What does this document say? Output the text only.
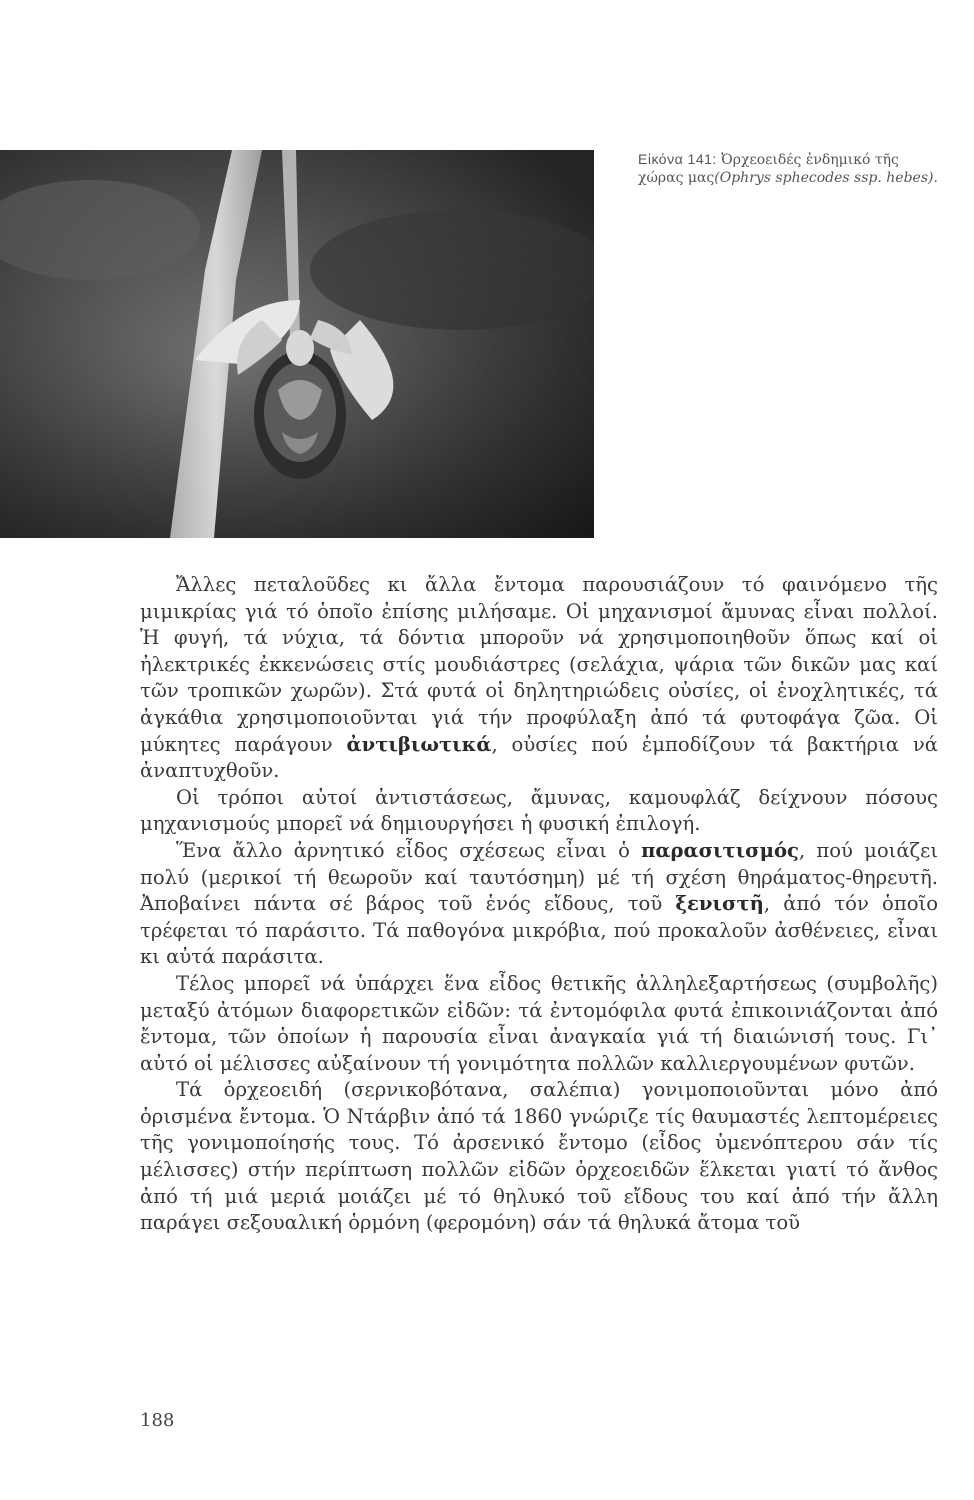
Εἰκόνα 141: Ὀρχεοειδές ἐνδημικό τῆς χώρας μας(Ophrys sphecodes ssp. hebes).

Ἄλλες πεταλοῦδες κι ἄλλα ἔντομα παρουσιάζουν τό φαινόμενο τῆς μιμικρίας γιά τό ὁποῖο ἐπίσης μιλήσαμε. Οἱ μηχανισμοί ἄμυνας εἶναι πολλοί. Ἡ φυγή, τά νύχια, τά δόντια μποροῦν νά χρησιμοποιηθοῦν ὅπως καί οἱ ἠλεκτρικές ἐκκενώσεις στίς μουδιάστρες (σελάχια, ψάρια τῶν δικῶν μας καί τῶν τροπικῶν χωρῶν). Στά φυτά οἱ δηλητηριώδεις οὐσίες, οἱ ἐνοχλητικές, τά ἀγκάθια χρησιμοποιοῦνται γιά τήν προφύλαξη ἀπό τά φυτοφάγα ζῶα. Οἱ μύκητες παράγουν ἀντιβιωτικά, οὐσίες πού ἐμποδίζουν τά βακτήρια νά ἀναπτυχθοῦν.

Οἱ τρόποι αὐτοί ἀντιστάσεως, ἄμυνας, καμουφλάζ δείχνουν πόσους μηχανισμούς μπορεῖ νά δημιουργήσει ἡ φυσική ἐπιλογή.

Ἕνα ἄλλο ἀρνητικό εἶδος σχέσεως εἶναι ὁ παρασιτισμός, πού μοιάζει πολύ (μερικοί τή θεωροῦν καί ταυτόσημη) μέ τή σχέση θηράματος-θηρευτῆ. Ἀποβαίνει πάντα σέ βάρος τοῦ ἑνός εἴδους, τοῦ ξενιστῆ, ἀπό τόν ὁποῖο τρέφεται τό παράσιτο. Τά παθογόνα μικρόβια, πού προκαλοῦν ἀσθένειες, εἶναι κι αὐτά παράσιτα.

Τέλος μπορεῖ νά ὑπάρχει ἕνα εἶδος θετικῆς ἀλληλεξαρτήσεως (συμβολῆς) μεταξύ ἀτόμων διαφορετικῶν εἰδῶν: τά ἐντομόφιλα φυτά ἐπικοινιάζονται ἀπό ἔντομα, τῶν ὁποίων ἡ παρουσία εἶναι ἀναγκαία γιά τή διαιώνισή τους. Γι᾽ αὐτό οἱ μέλισσες αὐξαίνουν τή γονιμότητα πολλῶν καλλιεργουμένων φυτῶν.

Τά ὀρχεοειδή (σερνικοβότανα, σαλέπια) γονιμοποιοῦνται μόνο ἀπό ὁρισμένα ἔντομα. Ὁ Ντάρβιν ἀπό τά 1860 γνώριζε τίς θαυμαστές λεπτομέρειες τῆς γονιμοποίησής τους. Τό ἀρσενικό ἔντομο (εἶδος ὑμενόπτερου σάν τίς μέλισσες) στήν περίπτωση πολλῶν εἰδῶν ὀρχεοειδῶν ἕλκεται γιατί τό ἄνθος ἀπό τή μιά μεριά μοιάζει μέ τό θηλυκό τοῦ εἴδους του καί ἀπό τήν ἄλλη παράγει σεξουαλική ὁρμόνη (φερομόνη) σάν τά θηλυκά ἄτομα τοῦ

188
